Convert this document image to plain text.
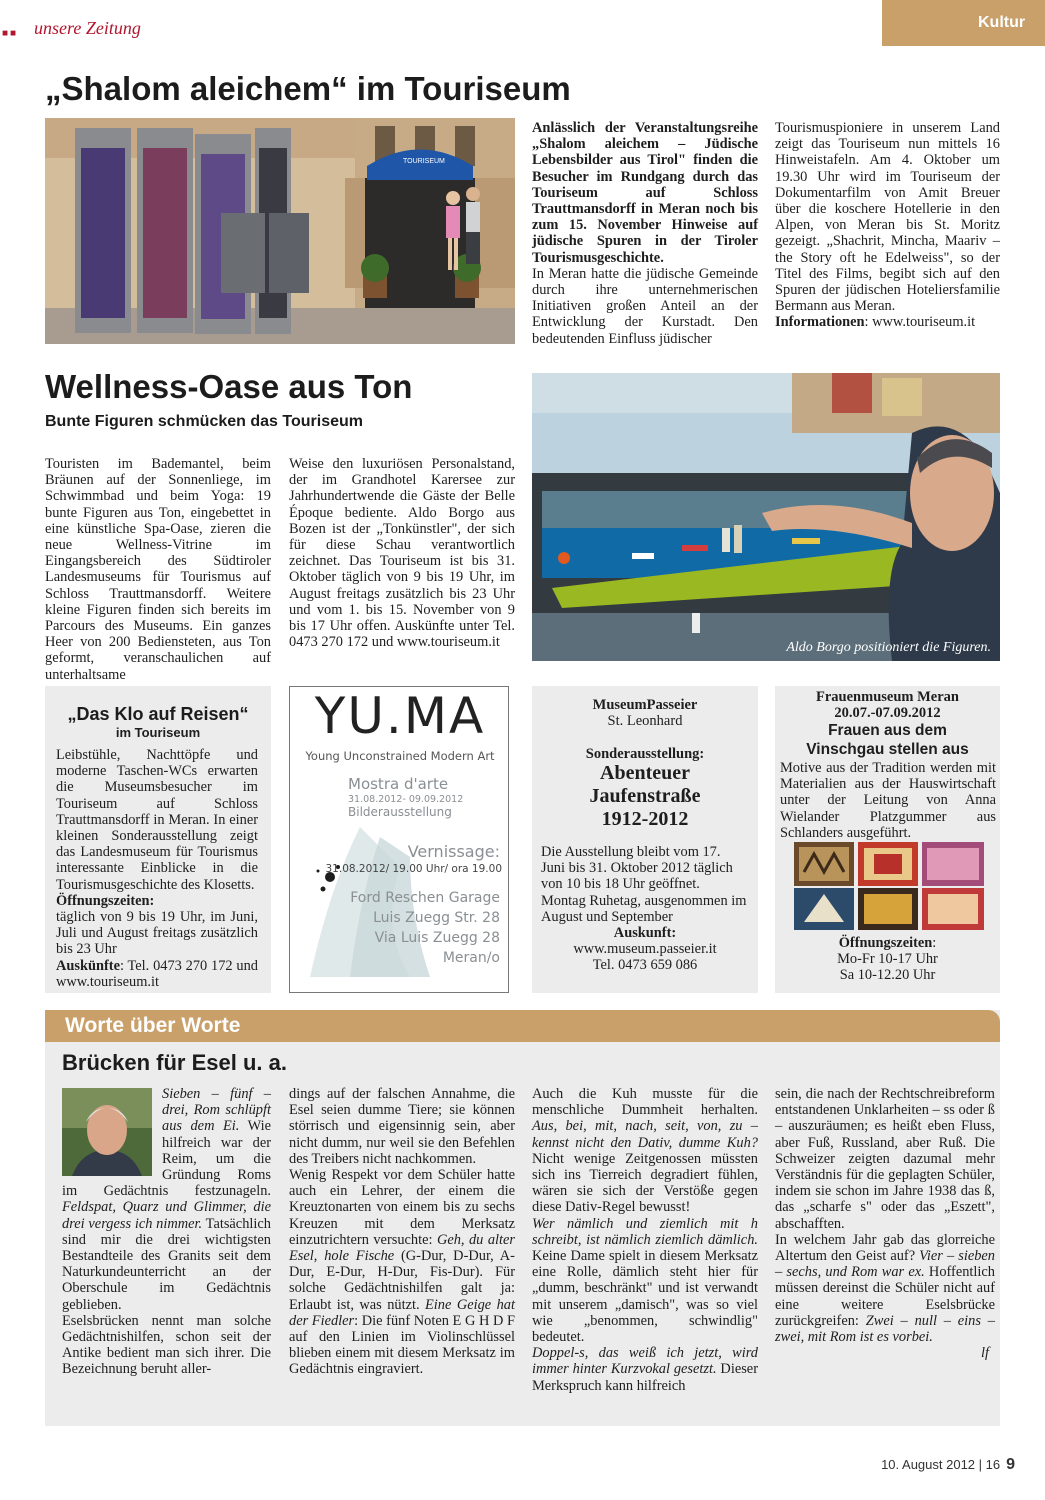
■■ unsere Zeitung	Kultur
„Shalom aleichem“ im Touriseum
TOURISEUM
Anlässlich der Veranstaltungsreihe „Shalom aleichem – Jüdische Lebensbilder aus Tirol" finden die Besucher im Rundgang durch das Touriseum auf Schloss Trauttmansdorff in Meran noch bis zum 15. November Hinweise auf jüdische Spuren in der Tiroler Tourismusgeschichte.
In Meran hatte die jüdische Gemeinde durch ihre unternehmerischen Initiativen großen Anteil an der Entwicklung der Kurstadt. Den bedeutenden Einfluss jüdischer
Tourismuspioniere in unserem Land zeigt das Touriseum nun mittels 16 Hinweistafeln. Am 4. Oktober um 19.30 Uhr wird im Touriseum der Dokumentarfilm von Amit Breuer über die koschere Hotellerie in den Alpen, von Meran bis St. Moritz gezeigt. „Shachrit, Mincha, Maariv – the Story oft he Edelweiss", so der Titel des Films, begibt sich auf den Spuren der jüdischen Hoteliersfamilie Bermann aus Meran.
Informationen: www.touriseum.it
Wellness-Oase aus Ton
Bunte Figuren schmücken das Touriseum
Touristen im Bademantel, beim Bräunen auf der Sonnenliege, im Schwimmbad und beim Yoga: 19 bunte Figuren aus Ton, eingebettet in eine künstliche Spa-Oase, zieren die neue Wellness-Vitrine im Eingangsbereich des Südtiroler Landesmuseums für Tourismus auf Schloss Trauttmansdorff. Weitere kleine Figuren finden sich bereits im Parcours des Museums. Ein ganzes Heer von 200 Bediensteten, aus Ton geformt, veranschaulichen auf unterhaltsame
Weise den luxuriösen Personalstand, der im Grandhotel Karersee zur Jahrhundertwende die Gäste der Belle Époque bediente. Aldo Borgo aus Bozen ist der „Tonkünstler", der sich für diese Schau verantwortlich zeichnet. Das Touriseum ist bis 31. Oktober täglich von 9 bis 19 Uhr, im August freitags zusätzlich bis 23 Uhr und vom 1. bis 15. November von 9 bis 17 Uhr offen. Auskünfte unter Tel. 0473 270 172 und www.touriseum.it	Aldo Borgo positioniert die Figuren.
„Das Klo auf Reisen“
im Touriseum
Leibstühle, Nachttöpfe und moderne Taschen-WCs erwarten die Museumsbesucher im Touriseum auf Schloss Trauttmansdorff in Meran. In einer kleinen Sonderausstellung zeigt das Landesmuseum für Tourismus interessante Einblicke in die Tourismusgeschichte des Klosetts.
Öffnungszeiten:
täglich von 9 bis 19 Uhr, im Juni, Juli und August freitags zusätzlich bis 23 Uhr
Auskünfte: Tel. 0473 270 172 und www.touriseum.it
YU.MA
Young Unconstrained Modern Art
Mostra d'arte
31.08.2012- 09.09.2012
Bilderausstellung
Vernissage:
31.08.2012/ 19.00 Uhr/ ora 19.00
Ford Reschen Garage
Luis Zuegg Str. 28
Via Luis Zuegg 28
Meran/o
MuseumPasseier
St. Leonhard
Sonderausstellung:
Abenteuer
Jaufenstraße
1912-2012
Die Ausstellung bleibt vom 17. Juni bis 31. Oktober 2012 täglich von 10 bis 18 Uhr geöffnet. Montag Ruhetag, ausgenommen im August und September
Auskunft:
www.museum.passeier.it
Tel. 0473 659 086
Frauenmuseum Meran
20.07.-07.09.2012
Frauen aus dem
Vinschgau stellen aus
Motive aus der Tradition werden mit Materialien aus der Hauswirtschaft unter der Leitung von Anna Wielander Platzgummer aus Schlanders ausgeführt.
Öffnungszeiten:
Mo-Fr 10-17 Uhr
Sa 10-12.20 Uhr
Worte über Worte
Brücken für Esel u. a.
Sieben – fünf – drei, Rom schlüpft aus dem Ei. Wie hilfreich war der Reim, um die Gründung Roms im Gedächtnis festzunageln. Feldspat, Quarz und Glimmer, die drei vergess ich nimmer. Tatsächlich sind mir die drei wichtigsten Bestandteile des Granits seit dem Naturkundeunterricht an der Oberschule im Gedächtnis geblieben.
Eselsbrücken nennt man solche Gedächtnishilfen, schon seit der Antike bedient man sich ihrer. Die Bezeichnung beruht aller-
dings auf der falschen Annahme, die Esel seien dumme Tiere; sie können störrisch und eigensinnig sein, aber nicht dumm, nur weil sie den Befehlen des Treibers nicht nachkommen.
Wenig Respekt vor dem Schüler hatte auch ein Lehrer, der einem die Kreuztonarten von einem bis zu sechs Kreuzen mit dem Merksatz einzutrichtern versuchte: Geh, du alter Esel, hole Fische (G-Dur, D-Dur, A-Dur, E-Dur, H-Dur, Fis-Dur). Für solche Gedächtnishilfen galt ja: Erlaubt ist, was nützt. Eine Geige hat der Fiedler: Die fünf Noten E G H D F auf den Linien im Violinschlüssel blieben einem mit diesem Merksatz im Gedächtnis eingraviert.
Auch die Kuh musste für die menschliche Dummheit herhalten. Aus, bei, mit, nach, seit, von, zu – kennst nicht den Dativ, dumme Kuh? Nicht wenige Zeitgenossen müssten sich ins Tierreich degradiert fühlen, wären sie sich der Verstöße gegen diese Dativ-Regel bewusst!
Wer nämlich und ziemlich mit h schreibt, ist nämlich ziemlich dämlich. Keine Dame spielt in diesem Merksatz eine Rolle, dämlich steht hier für „dumm, beschränkt" und ist verwandt mit unserem „damisch", was so viel wie „benommen, schwindlig" bedeutet.
Doppel-s, das weiß ich jetzt, wird immer hinter Kurzvokal gesetzt. Dieser Merkspruch kann hilfreich
sein, die nach der Rechtschreibreform entstandenen Unklarheiten – ss oder ß – auszuräumen; es heißt eben Fluss, aber Fuß, Russland, aber Ruß. Die Schweizer zeigten dazumal mehr Verständnis für die geplagten Schüler, indem sie schon im Jahre 1938 das ß, das „scharfe s" oder das „Eszett", abschafften.
In welchem Jahr gab das glorreiche Altertum den Geist auf? Vier – sieben – sechs, und Rom war ex. Hoffentlich müssen dereinst die Schüler nicht auf eine weitere Eselsbrücke zurückgreifen: Zwei – null – eins – zwei, mit Rom ist es vorbei.
lf
10. August 2012 | 16 9
